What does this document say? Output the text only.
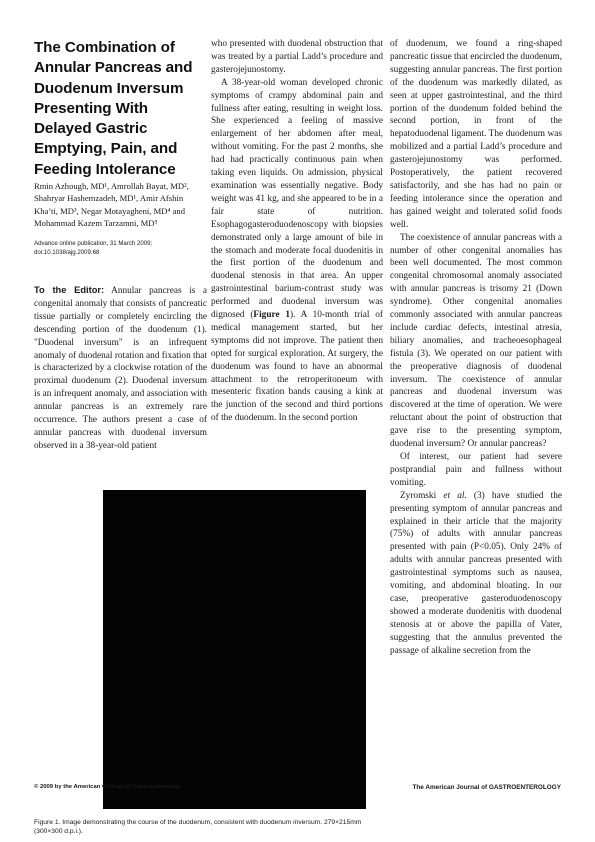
The Combination of Annular Pancreas and Duodenum Inversum Presenting With Delayed Gastric Emptying, Pain, and Feeding Intolerance

Rmin Azhough, MD¹, Amrollah Bayat, MD², Shahryar Hashemzadeh, MD¹, Amir Afshin Kha’ti, MD³, Negar Motayagheni, MD⁴ and Mohammad Kazem Tarzamni, MD⁵

Advance online publication, 31 March 2009;
doi:10.1038/ajg.2009.68

To the Editor: Annular pancreas is a congenital anomaly that consists of pancreatic tissue partially or completely encircling the descending portion of the duodenum (1). "Duodenal inversum" is an infrequent anomaly of duodenal rotation and fixation that is characterized by a clockwise rotation of the proximal duodenum (2). Duodenal inversum is an infrequent anomaly, and association with annular pancreas is an extremely rare occurrence. The authors present a case of annular pancreas with duodenal inversum observed in a 38-year-old patient

who presented with duodenal obstruction that was treated by a partial Ladd’s procedure and gasterojejunostomy.

A 38-year-old woman developed chronic symptoms of crampy abdominal pain and fullness after eating, resulting in weight loss. She experienced a feeling of massive enlargement of her abdomen after meal, without vomiting. For the past 2 months, she had had practically continuous pain when taking even liquids. On admission, physical examination was essentially negative. Body weight was 41 kg, and she appeared to be in a fair state of nutrition. Esophagogasteroduodenoscopy with biopsies demonstrated only a large amount of bile in the stomach and moderate focal duodenitis in the first portion of the duodenum and duodenal stenosis in that area. An upper gastrointestinal barium-contrast study was performed and duodenal inversum was dignosed (Figure 1). A 10-month trial of medical management started, but her symptoms did not improve. The patient then opted for surgical exploration. At surgery, the duodenum was found to have an abnormal attachment to the retroperitoneum with mesenteric fixation bands causing a kink at the junction of the second and third portions of the duodenum. In the second portion

of duodenum, we found a ring-shaped pancreatic tissue that encircled the duodenum, suggesting annular pancreas. The first portion of the duodenum was markedly dilated, as seen at upper gastrointestinal, and the third portion of the duodenum folded behind the second portion, in front of the hepatoduodenal ligament. The duodenum was mobilized and a partial Ladd’s procedure and gasterojejunostomy was performed. Postoperatively, the patient recovered satisfactorily, and she has had no pain or feeding intolerance since the operation and has gained weight and tolerated solid foods well.

The coexistence of annular pancreas with a number of other congenital anomalies has been well documented. The most common congenital chromosomal anomaly associated with annular pancreas is trisomy 21 (Down syndrome). Other congenital anomalies commonly associated with annular pancreas include cardiac defects, intestinal atresia, biliary anomalies, and tracheoesophageal fistula (3). We operated on our patient with the preoperative diagnosis of duodenal inversum. The coexistence of annular pancreas and duodenal inversum was discovered at the time of operation. We were reluctant about the point of obstruction that gave rise to the presenting symptom, duodenal inversum? Or annular pancreas?

Of interest, our patient had severe postprandial pain and fullness without vomiting.

Zyromski et al. (3) have studied the presenting symptom of annular pancreas and explained in their article that the majority (75%) of adults with annular pancreas presented with pain (P<0.05). Only 24% of adults with annular pancreas presented with gastrointestinal symptoms such as nausea, vomiting, and abdominal bloating. In our case, preoperative gasteroduodenoscopy showed a moderate duodenitis with duodenal stenosis at or above the papilla of Vater, suggesting that the annulus prevented the passage of alkaline secretion from the

Figure 1. Image demonstrating the course of the duodenum, consistent with duodenum inversum. 279×215mm (300×300 d.p.i.).

© 2009 by the American College of Gastroenterology	The American Journal of GASTROENTEROLOGY
